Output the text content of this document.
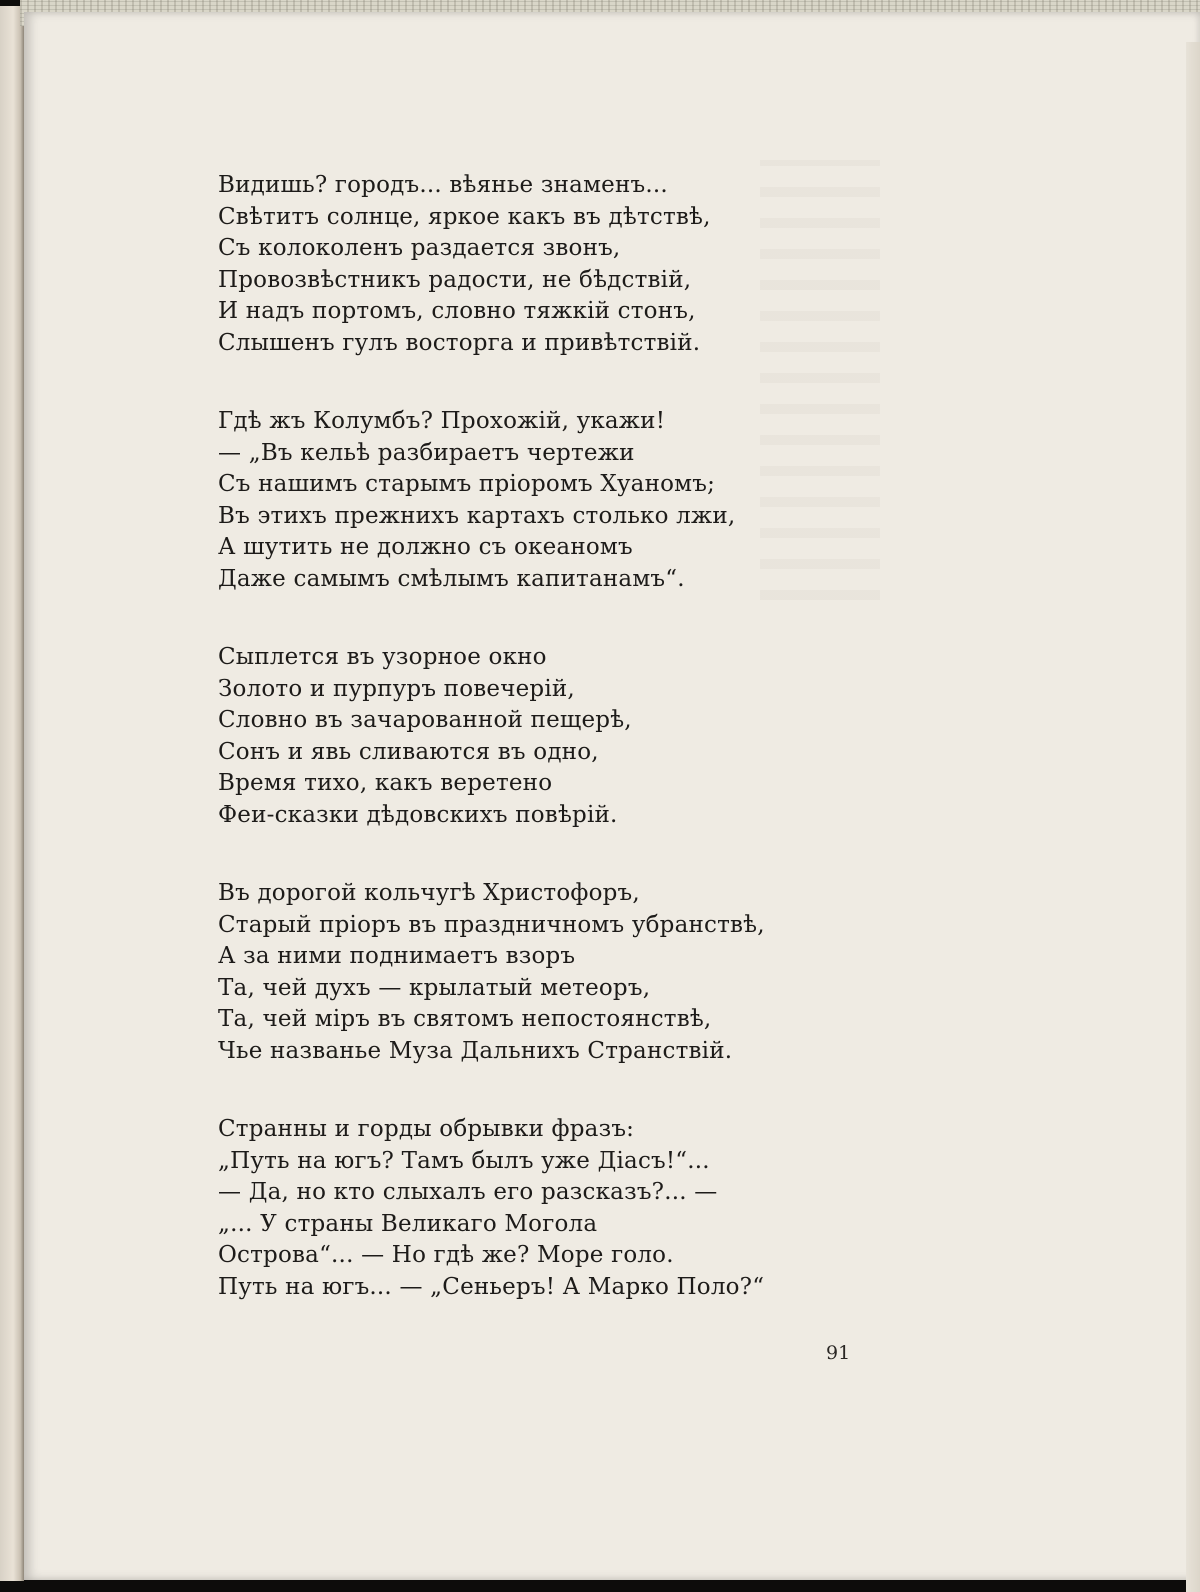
Видишь? городъ... вѣянье знаменъ...
Свѣтитъ солнце, яркое какъ въ дѣтствѣ,
Съ колоколенъ раздается звонъ,
Провозвѣстникъ радости, не бѣдствій,
И надъ портомъ, словно тяжкій стонъ,
Слышенъ гулъ восторга и привѣтствій.
Гдѣ жъ Колумбъ? Прохожій, укажи!
— „Въ кельѣ разбираетъ чертежи
Съ нашимъ старымъ пріоромъ Хуаномъ;
Въ этихъ прежнихъ картахъ столько лжи,
А шутить не должно съ океаномъ
Даже самымъ смѣлымъ капитанамъ“.
Сыплется въ узорное окно
Золото и пурпуръ повечерій,
Словно въ зачарованной пещерѣ,
Сонъ и явь сливаются въ одно,
Время тихо, какъ веретено
Феи-сказки дѣдовскихъ повѣрій.
Въ дорогой кольчугѣ Христофоръ,
Старый пріоръ въ праздничномъ убранствѣ,
А за ними поднимаетъ взоръ
Та, чей духъ — крылатый метеоръ,
Та, чей міръ въ святомъ непостоянствѣ,
Чье названье Муза Дальнихъ Странствій.
Странны и горды обрывки фразъ:
„Путь на югъ? Тамъ былъ уже Діасъ!“...
— Да, но кто слыхалъ его разсказъ?... —
„... У страны Великаго Могола
Острова“... — Но гдѣ же? Море голо.
Путь на югъ... — „Сеньеръ! А Марко Поло?“
91
